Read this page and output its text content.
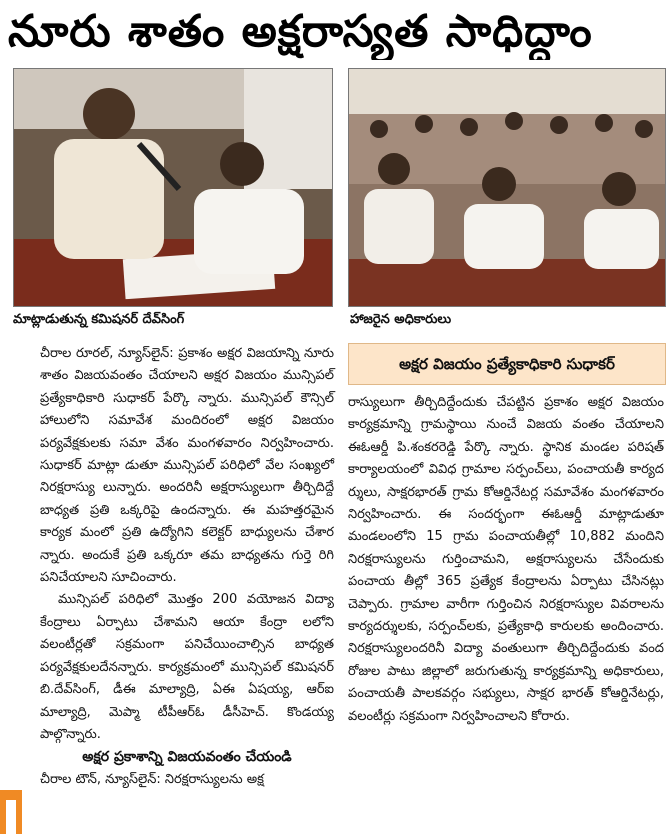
నూరు శాతం అక్షరాస్యత సాధిద్దాం
మాట్లాడుతున్న కమిషనర్ దేవ్‌సింగ్	హాజరైన అధికారులు

చీరాల రూరల్, న్యూస్‌లైన్: ప్రకాశం అక్షర విజయాన్ని నూరు శాతం విజయవంతం చేయాలని అక్షర విజయం మున్సిపల్ ప్రత్యేకాధికారి సుధాకర్ పేర్కొ న్నారు. మున్సిపల్ కౌన్సిల్ హాలులోని సమావేశ మందిరంలో అక్షర విజయం పర్యవేక్షకులకు సమా వేశం మంగళవారం నిర్వహించారు. సుధాకర్ మాట్లా డుతూ మున్సిపల్ పరిధిలో వేల సంఖ్యలో నిరక్షరాస్యు లున్నారు. అందరినీ అక్షరాస్యులుగా తీర్చిదిద్దే బాధ్యత ప్రతి ఒక్కరిపై ఉందన్నారు. ఈ మహత్తరమైన కార్యక మంలో ప్రతి ఉద్యోగిని కలెక్టర్ బాధ్యులను చేశార న్నారు. అందుకే ప్రతి ఒక్కరూ తమ బాధ్యతను గుర్తె రిగి పనిచేయాలని సూచించారు.

మున్సిపల్ పరిధిలో మొత్తం 200 వయోజన విద్యా కేంద్రాలు ఏర్పాటు చేశామని ఆయా కేంద్రా లలోని వలంటీర్లతో సక్రమంగా పనిచేయించాల్సిన బాధ్యత పర్యవేక్షకులదేనన్నారు. కార్యక్రమంలో మున్సిపల్ కమిషనర్ బి.దేవ్‌సింగ్, డీఈ మాల్యాద్రి, ఏఈ ఏషయ్య, ఆర్‌ఐ మాల్యాద్రి, మెప్మా టీపీఆర్‌ఓ డీసీహెచ్. కొండయ్య పాల్గొన్నారు.

అక్షర ప్రకాశాన్ని విజయవంతం చేయండి

చీరాల టౌన్, న్యూస్‌లైన్: నిరక్షరాస్యులను అక్ష

అక్షర విజయం ప్రత్యేకాధికారి సుధాకర్

రాస్యులుగా తీర్చిదిద్దేందుకు చేపట్టిన ప్రకాశం అక్షర విజయం కార్యక్రమాన్ని గ్రామస్థాయి నుంచే విజయ వంతం చేయాలని ఈఓఆర్డీ పి.శంకరరెడ్డి పేర్కొ న్నారు. స్థానిక మండల పరిషత్ కార్యాలయంలో వివిధ గ్రామాల సర్పంచ్‌లు, పంచాయతీ కార్యద ర్శులు, సాక్షరభారత్ గ్రామ కోఆర్డినేటర్ల సమావేశం మంగళవారం నిర్వహించారు. ఈ సందర్భంగా ఈఓఆర్డీ మాట్లాడుతూ మండలంలోని 15 గ్రామ పంచాయతీల్లో 10,882 మందిని నిరక్షరాస్యులను గుర్తించామని, అక్షరాస్యులను చేసేందుకు పంచాయ తీల్లో 365 ప్రత్యేక కేంద్రాలను ఏర్పాటు చేసినట్లు చెప్పారు. గ్రామాల వారీగా గుర్తించిన నిరక్షరాస్యుల వివరాలను కార్యదర్శులకు, సర్పంచ్‌లకు, ప్రత్యేకాధి కారులకు అందించారు. నిరక్షరాస్యులందరినీ విద్యా వంతులుగా తీర్చిదిద్దేందుకు వంద రోజుల పాటు జిల్లాలో జరుగుతున్న కార్యక్రమాన్ని అధికారులు, పంచాయతీ పాలకవర్గం సభ్యులు, సాక్షర భారత్ కోఆర్డినేటర్లు, వలంటీర్లు సక్రమంగా నిర్వహించాలని కోరారు.
